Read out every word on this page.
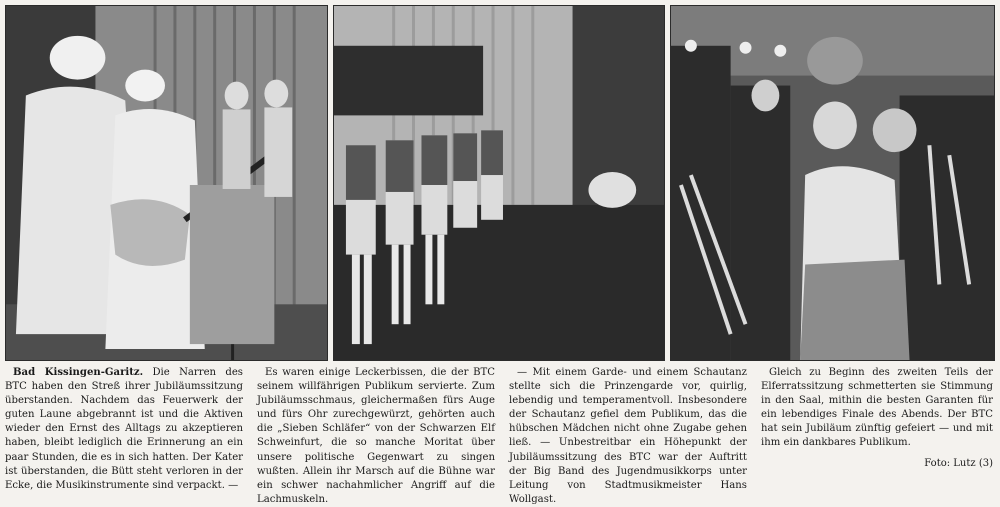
Bad Kissingen-Garitz. Die Narren des BTC haben den Streß ihrer Jubiläumssitzung überstanden. Nachdem das Feuerwerk der guten Laune abgebrannt ist und die Aktiven wieder den Ernst des Alltags zu akzeptieren haben, bleibt lediglich die Erinnerung an ein paar Stunden, die es in sich hatten. Der Kater ist überstanden, die Bütt steht verloren in der Ecke, die Musikinstrumente sind verpackt. —

Es waren einige Leckerbissen, die der BTC seinem willfährigen Publikum servierte. Zum Jubiläumsschmaus, gleichermaßen fürs Auge und fürs Ohr zurechgewürzt, gehörten auch die „Sieben Schläfer“ von der Schwarzen Elf Schweinfurt, die so manche Moritat über unsere politische Gegenwart zu singen wußten. Allein ihr Marsch auf die Bühne war ein schwer nachahmlicher Angriff auf die Lachmuskeln.

— Mit einem Garde- und einem Schautanz stellte sich die Prinzengarde vor, quirlig, lebendig und temperamentvoll. Insbesondere der Schautanz gefiel dem Publikum, das die hübschen Mädchen nicht ohne Zugabe gehen ließ. — Unbestreitbar ein Höhepunkt der Jubiläumssitzung des BTC war der Auftritt der Big Band des Jugendmusikkorps unter Leitung von Stadtmusikmeister Hans Wollgast.

Gleich zu Beginn des zweiten Teils der Elferratssitzung schmetterten sie Stimmung in den Saal, mithin die besten Garanten für ein lebendiges Finale des Abends. Der BTC hat sein Jubiläum zünftig gefeiert — und mit ihm ein dankbares Publikum.

Foto: Lutz (3)
